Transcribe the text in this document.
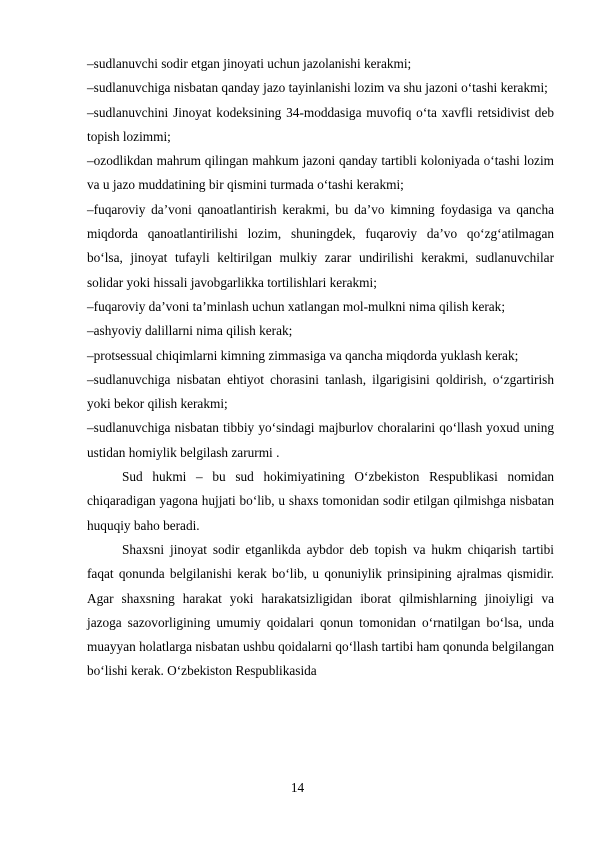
–sudlanuvchi sodir etgan jinoyati uchun jazolanishi kerakmi;

–sudlanuvchiga nisbatan qanday jazo tayinlanishi lozim va shu jazoni o‘tashi kerakmi;

–sudlanuvchini Jinoyat kodeksining 34-moddasiga muvofiq o‘ta xavfli retsidivist deb topish lozimmi;

–ozodlikdan mahrum qilingan mahkum jazoni qanday tartibli koloniyada o‘tashi lozim va u jazo muddatining bir qismini turmada o‘tashi kerakmi;

–fuqaroviy da’voni qanoatlantirish kerakmi, bu da’vo kimning foydasiga va qancha miqdorda qanoatlantirilishi lozim, shuningdek, fuqaroviy da’vo qo‘zg‘atilmagan bo‘lsa, jinoyat tufayli keltirilgan mulkiy zarar undirilishi kerakmi, sudlanuvchilar solidar yoki hissali javobgarlikka tortilishlari kerakmi;

–fuqaroviy da’voni ta’minlash uchun xatlangan mol-mulkni nima qilish kerak;

–ashyoviy dalillarni nima qilish kerak;

–protsessual chiqimlarni kimning zimmasiga va qancha miqdorda yuklash kerak;

–sudlanuvchiga nisbatan ehtiyot chorasini tanlash, ilgarigisini qoldirish, o‘zgartirish yoki bekor qilish kerakmi;

–sudlanuvchiga nisbatan tibbiy yo‘sindagi majburlov choralarini qo‘llash yoxud uning ustidan homiylik belgilash zarurmi .

Sud hukmi – bu sud hokimiyatining O‘zbekiston Respublikasi nomidan chiqaradigan yagona hujjati bo‘lib, u shaxs tomonidan sodir etilgan qilmishga nisbatan huquqiy baho beradi.

Shaxsni jinoyat sodir etganlikda aybdor deb topish va hukm chiqarish tartibi faqat qonunda belgilanishi kerak bo‘lib, u qonuniylik prinsipining ajralmas qismidir. Agar shaxsning harakat yoki harakatsizligidan iborat qilmishlarning jinoiyligi va jazoga sazovorligining umumiy qoidalari qonun tomonidan o‘rnatilgan bo‘lsa, unda muayyan holatlarga nisbatan ushbu qoidalarni qo‘llash tartibi ham qonunda belgilangan bo‘lishi kerak. O‘zbekiston Respublikasida

14
